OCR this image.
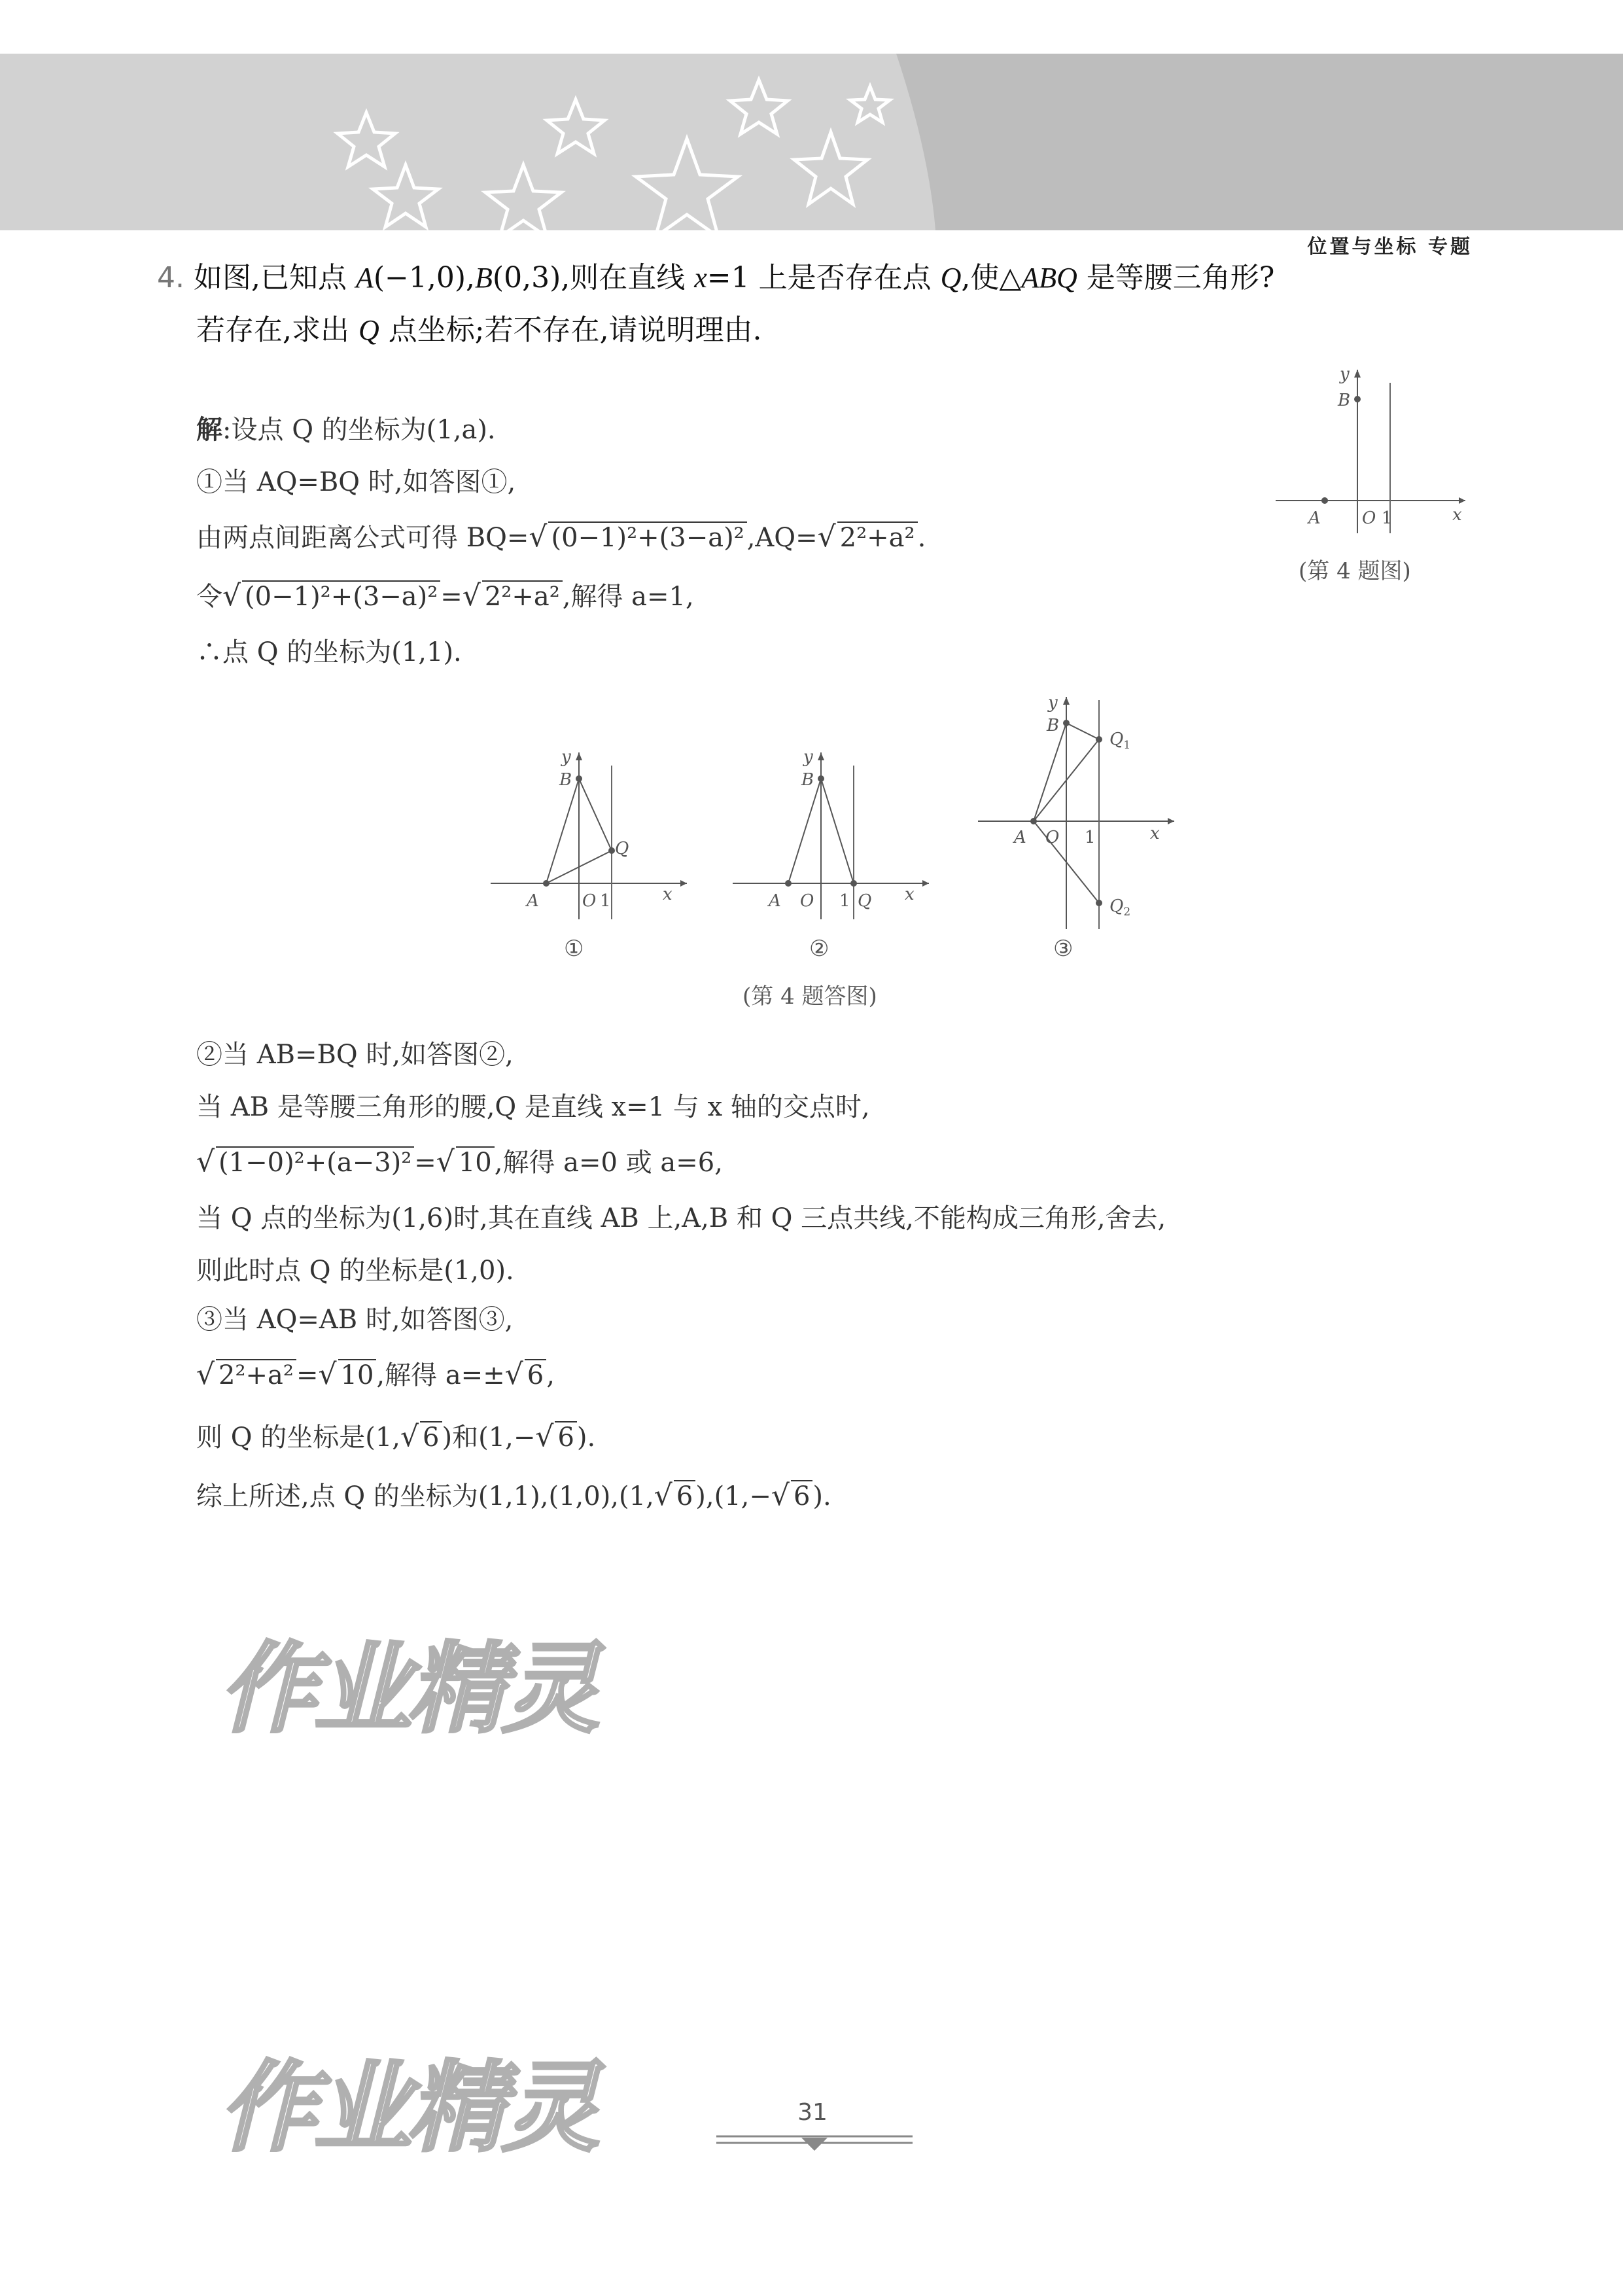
位置与坐标 专题
4. 如图,已知点 A(−1,0),B(0,3),则在直线 x=1 上是否存在点 Q,使△ABQ 是等腰三角形?
若存在,求出 Q 点坐标;若不存在,请说明理由.
y
B
A O 1	x
(第 4 题图)
解:设点 Q 的坐标为(1,a).
①当 AQ=BQ 时,如答图①,
由两点间距离公式可得 BQ=√ (0−1)²+(3−a)² ,AQ=√ 2²+a² .
令√ (0−1)²+(3−a)² =√ 2²+a² ,解得 a=1,
∴点 Q 的坐标为(1,1).
y
B
Q
A	O 1	x
①
y
B
A O 1 Q x
②
y
B
$Q_1$
$Q_2$
A O 1	x
③
(第 4 题答图)
②当 AB=BQ 时,如答图②,
当 AB 是等腰三角形的腰,Q 是直线 x=1 与 x 轴的交点时,
√ (1−0)²+(a−3)² =√ 10 ,解得 a=0 或 a=6,
当 Q 点的坐标为(1,6)时,其在直线 AB 上,A,B 和 Q 三点共线,不能构成三角形,舍去,
则此时点 Q 的坐标是(1,0).
③当 AQ=AB 时,如答图③,
√ 2²+a² =√ 10 ,解得 a=±√ 6 ,
则 Q 的坐标是(1,√ 6 )和(1,−√ 6 ).
综上所述,点 Q 的坐标为(1,1),(1,0),(1,√ 6 ),(1,−√ 6 ).
作业精灵
作业精灵	31
